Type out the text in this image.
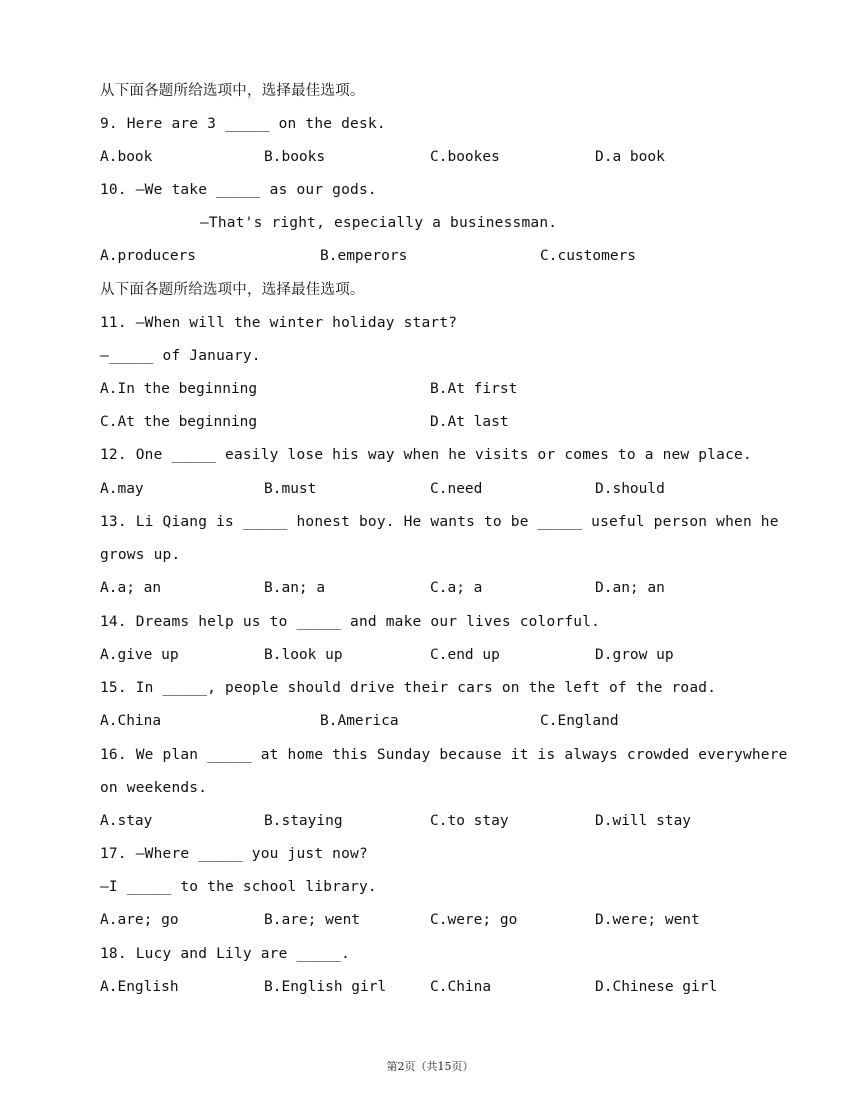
从下面各题所给选项中，选择最佳选项。
9. Here are 3 _____ on the desk.
A.book	B.books	C.bookes	D.a book
10. —We take _____ as our gods.
—That's right, especially a businessman.
A.producers	B.emperors	C.customers
从下面各题所给选项中，选择最佳选项。
11. —When will the winter holiday start?
—_____ of January.
A.In the beginning	B.At first
C.At the beginning	D.At last
12. One _____ easily lose his way when he visits or comes to a new place.
A.may	B.must	C.need	D.should
13. Li Qiang is _____ honest boy. He wants to be _____ useful person when he
grows up.
A.a; an	B.an; a	C.a; a	D.an; an
14. Dreams help us to _____ and make our lives colorful.
A.give up	B.look up	C.end up	D.grow up
15. In _____, people should drive their cars on the left of the road.
A.China	B.America	C.England
16. We plan _____ at home this Sunday because it is always crowded everywhere
on weekends.
A.stay	B.staying	C.to stay	D.will stay
17. —Where _____ you just now?
—I _____ to the school library.
A.are; go	B.are; went	C.were; go	D.were; went
18. Lucy and Lily are _____.
A.English	B.English girl	C.China	D.Chinese girl
第2页（共15页）
